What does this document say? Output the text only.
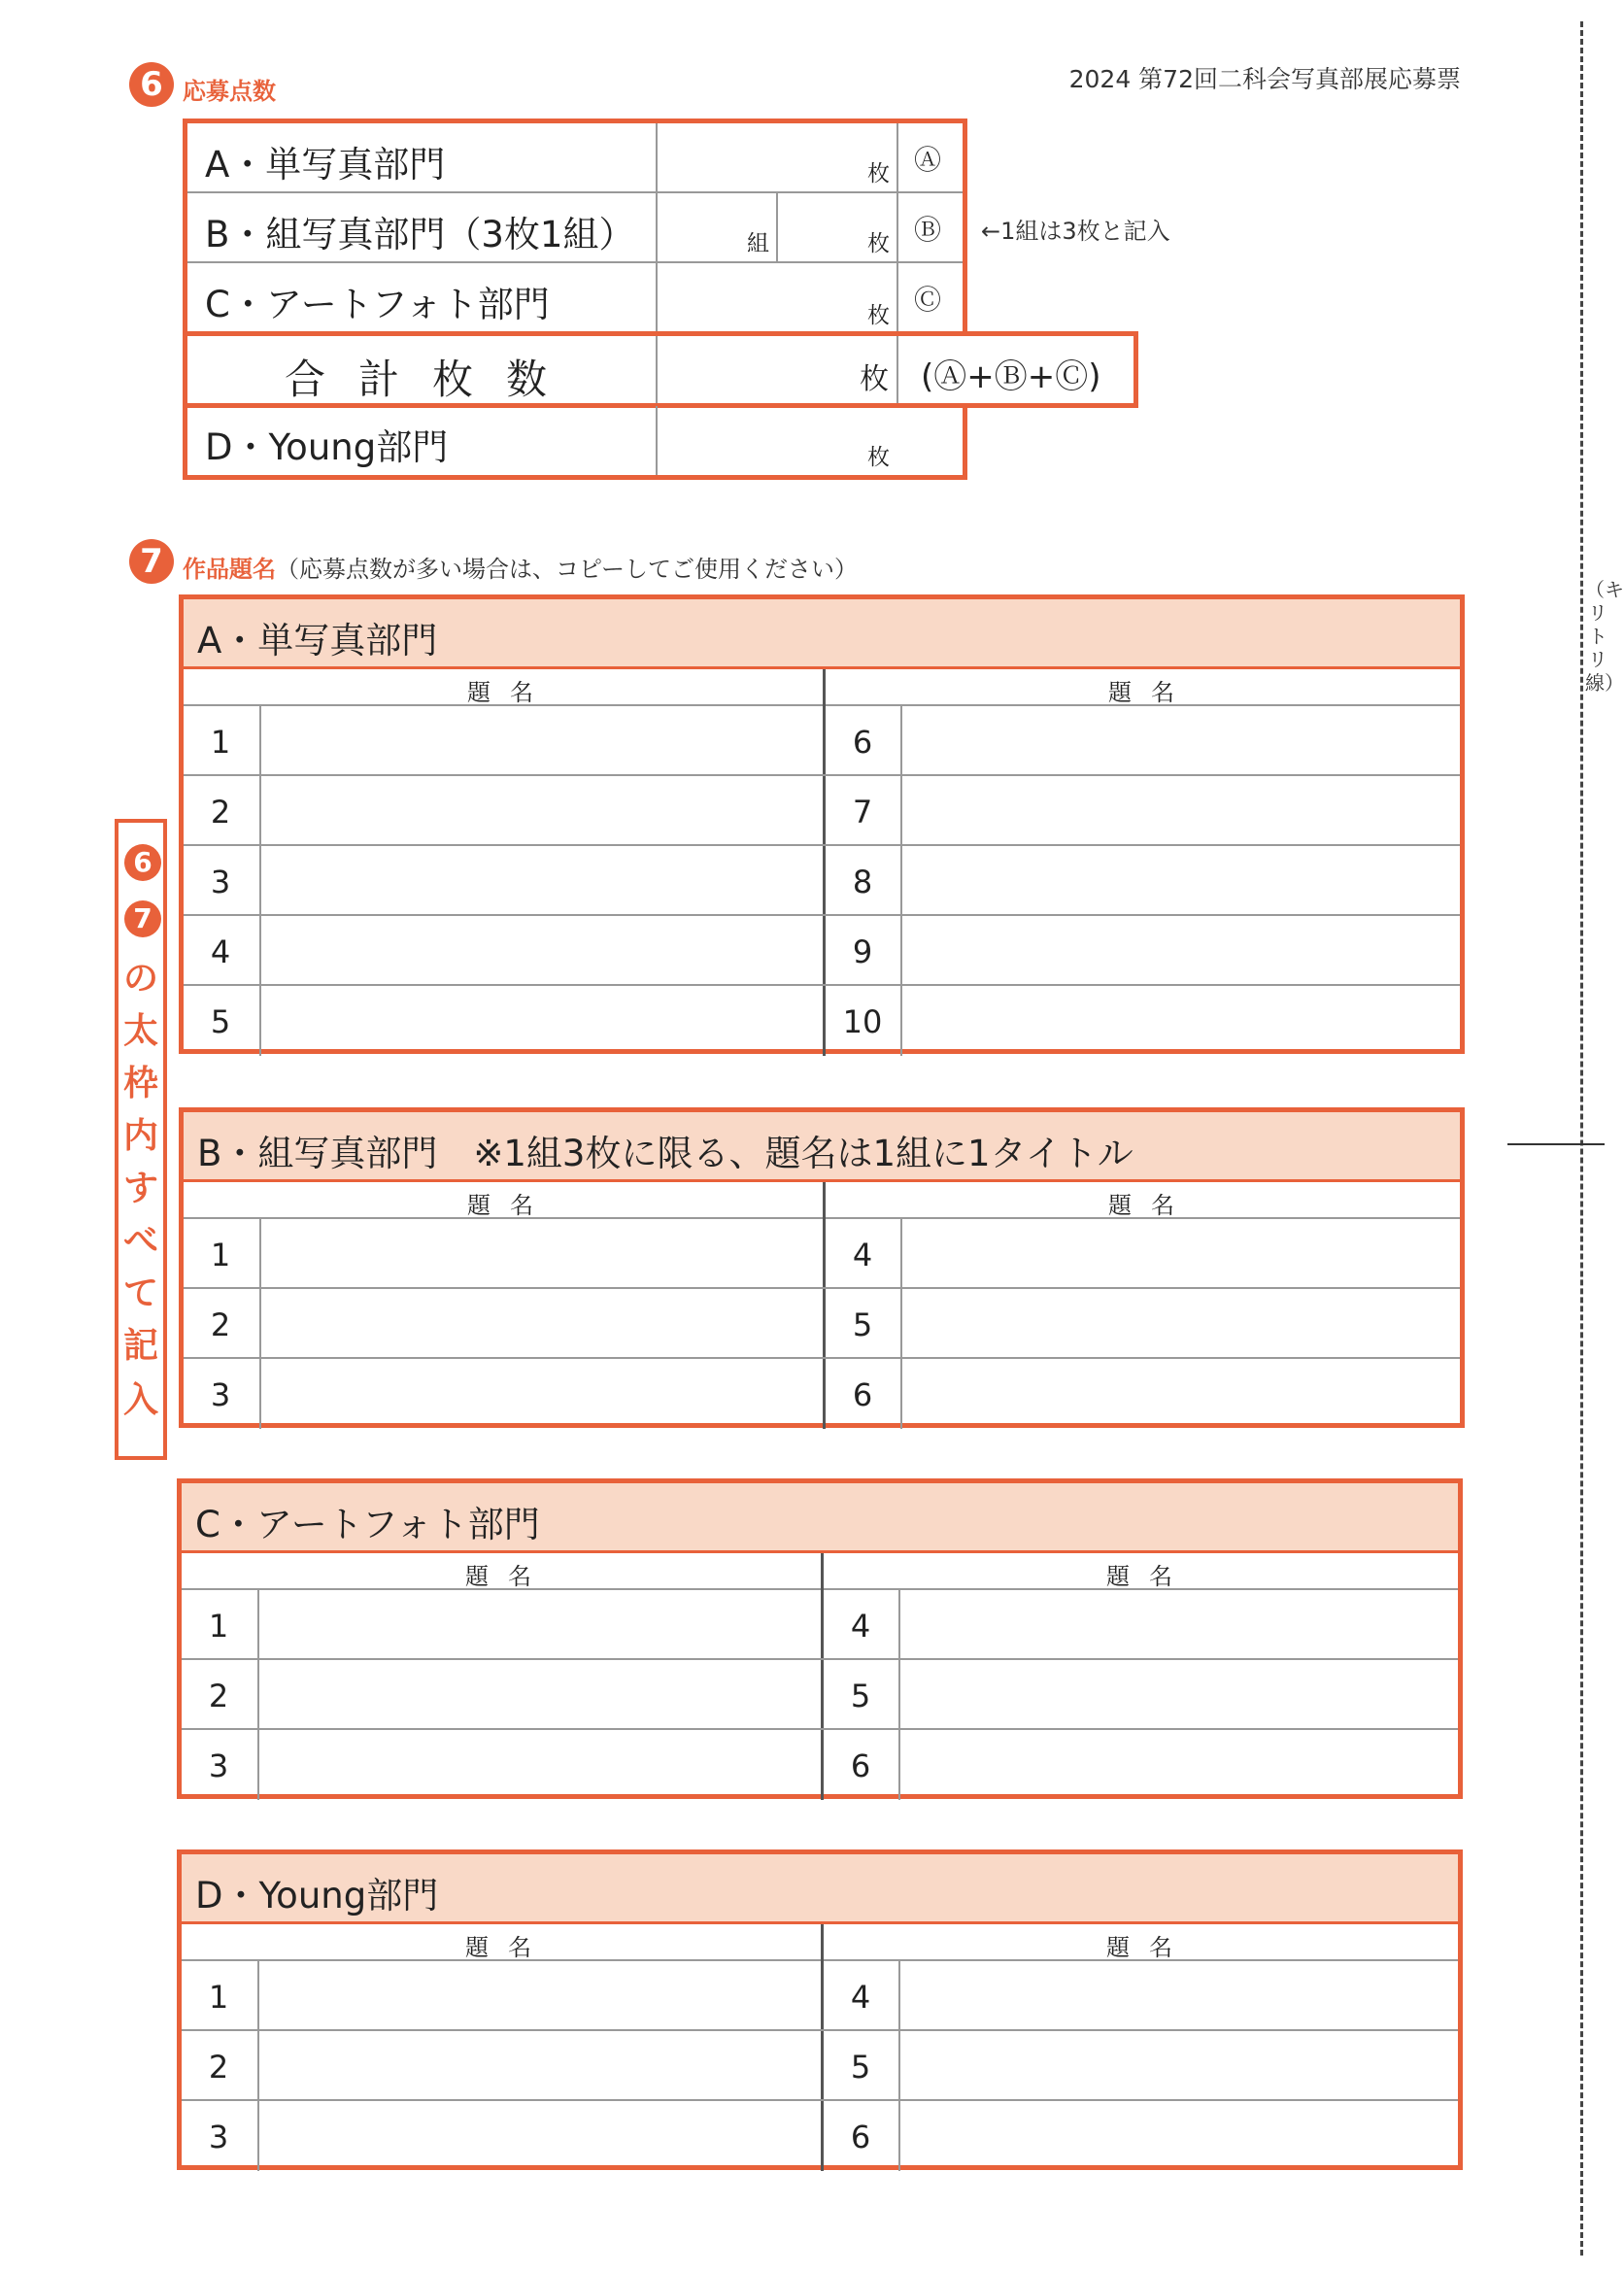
2024 第72回二科会写真部展応募票
6 応募点数
A・単写真部門	枚 Ⓐ
B・組写真部門（3枚1組）	組	枚 Ⓑ
C・アートフォト部門	枚 Ⓒ
←1組は3枚と記入
合計枚数	枚 (Ⓐ+Ⓑ+Ⓒ)
D・Young部門	枚
7 作品題名（応募点数が多い場合は、コピーしてご使用ください）
A・単写真部門
題名	題名
1	6
2	7
3	8
4	9
5	10
B・組写真部門　※1組3枚に限る、題名は1組に1タイトル
題名	題名
1	4
2	5
3	6
C・アートフォト部門
題名	題名
1	4
2	5
3	6
D・Young部門
題名	題名
1	4
2	5
3	6
6
7
の
太
枠
内
す
べ
て
記
入
（キリトリ線）
